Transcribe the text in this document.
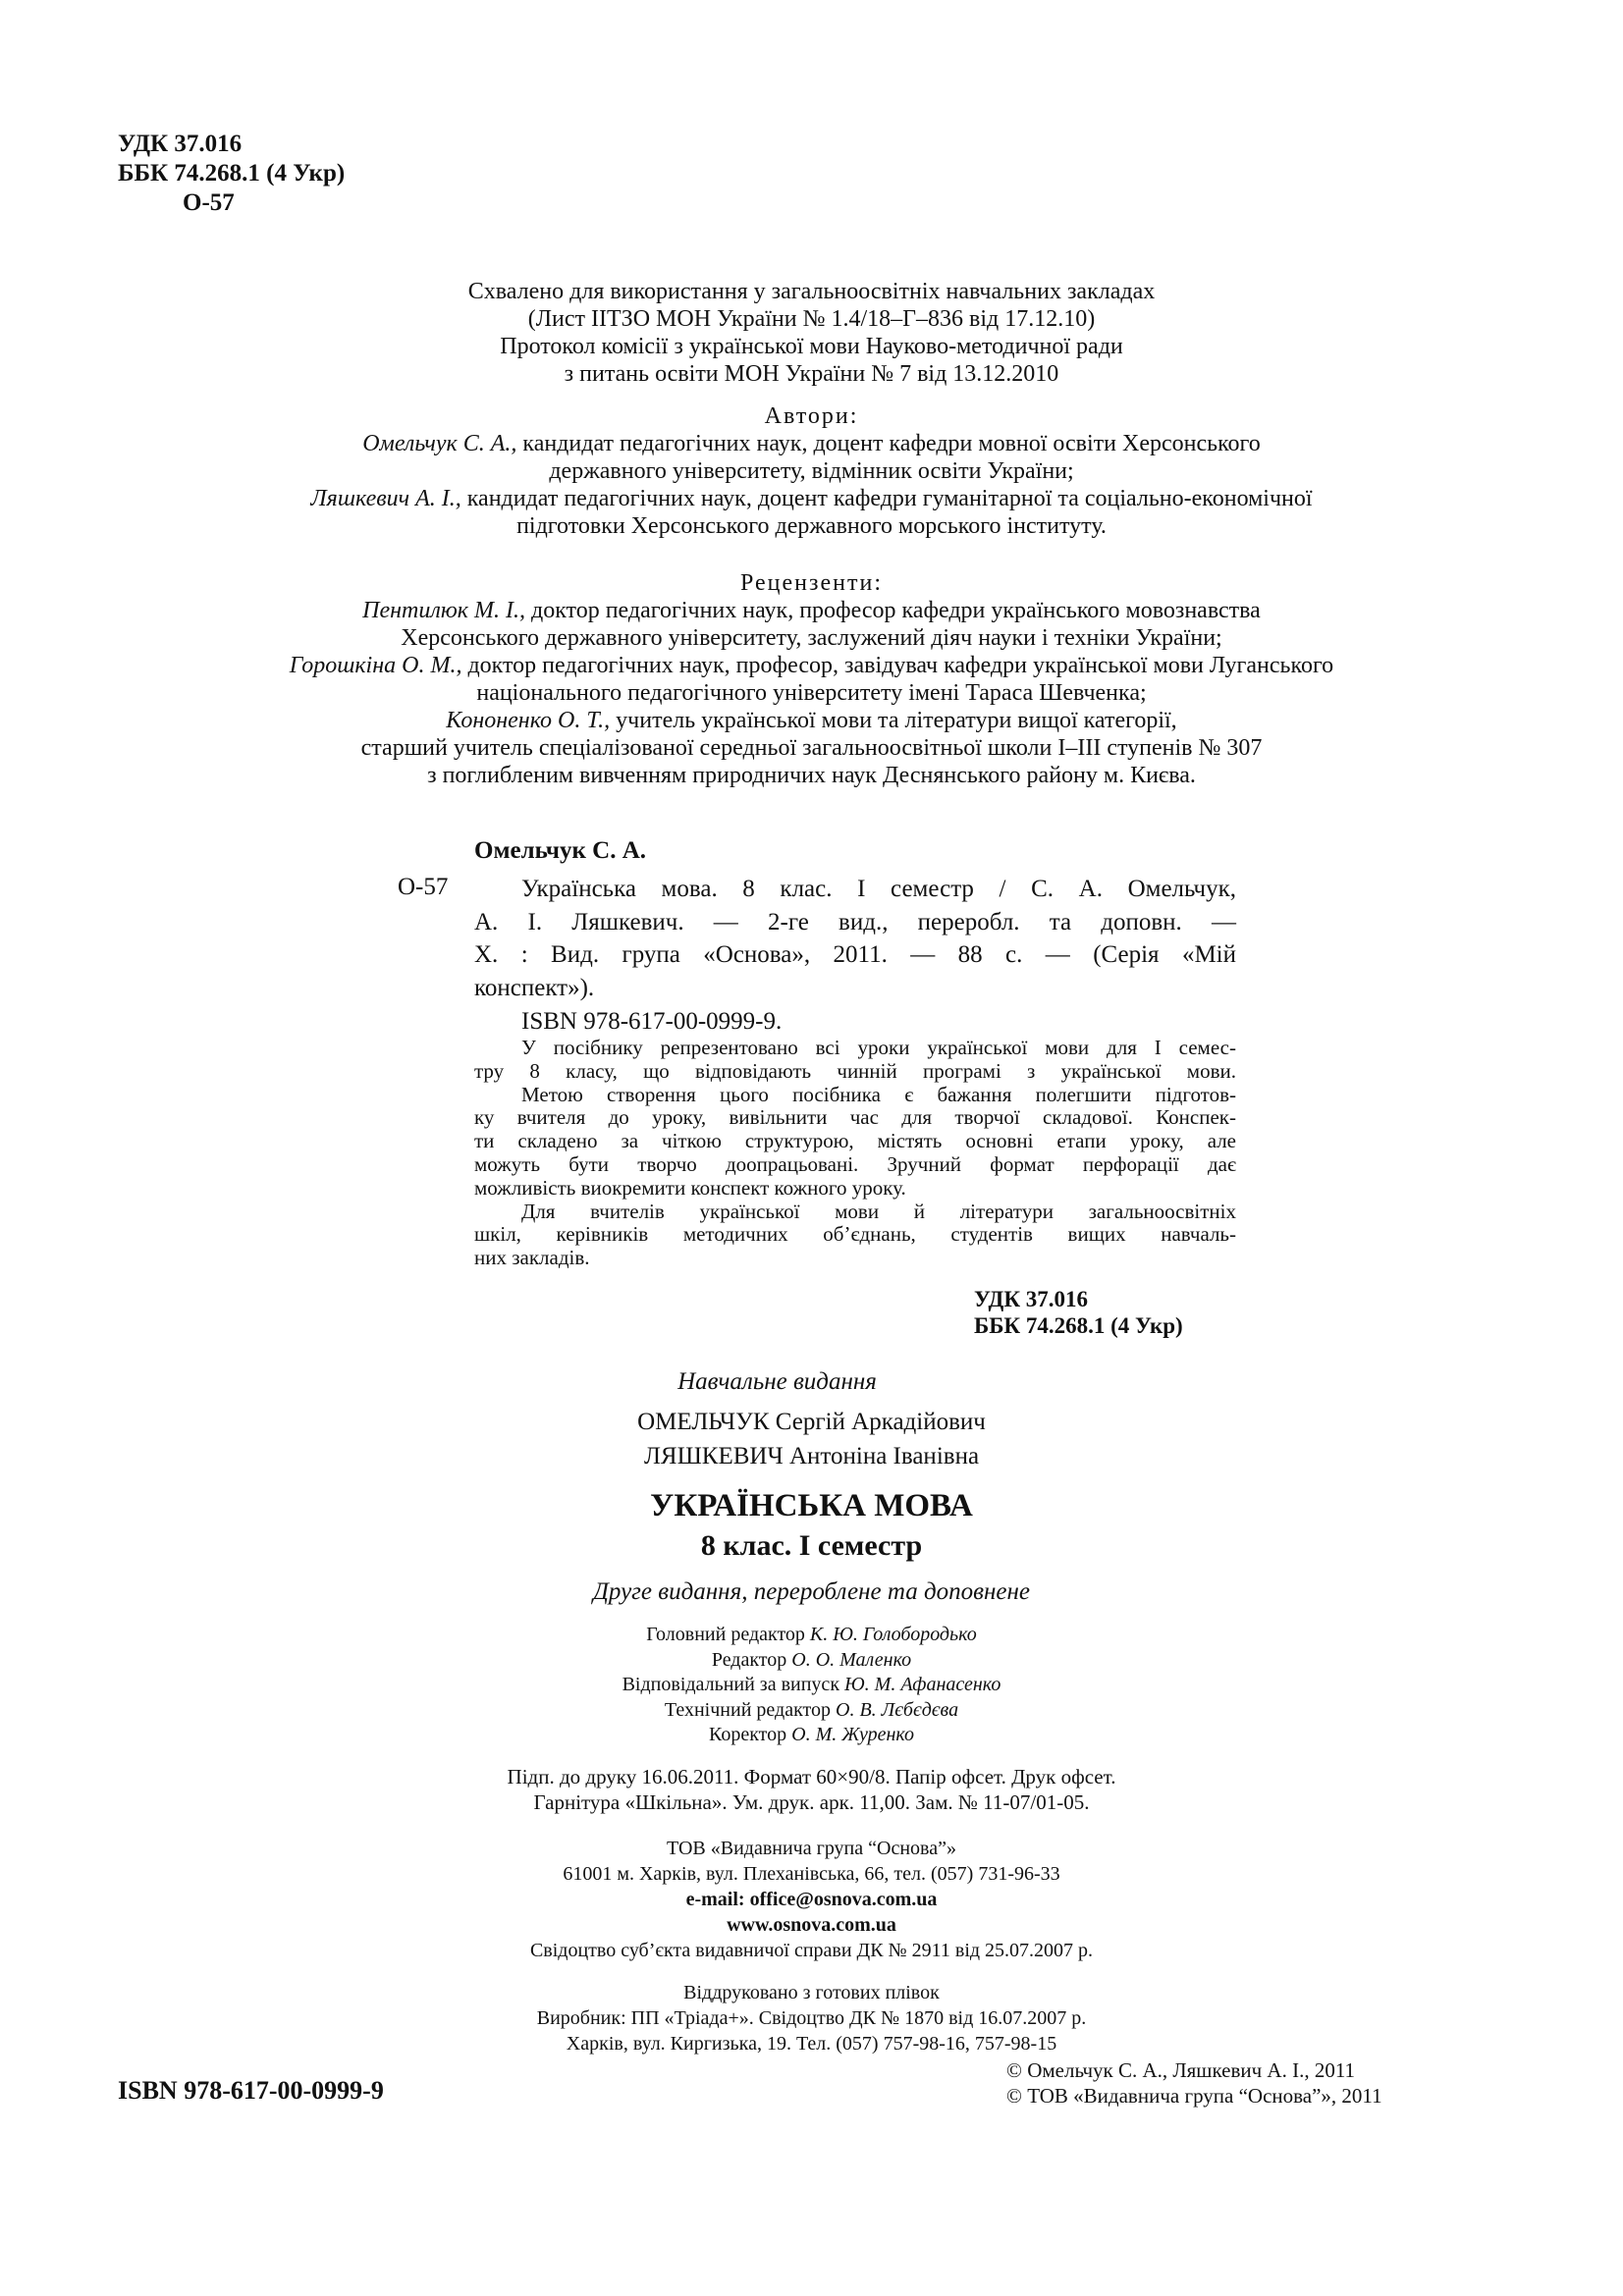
УДК 37.016
ББК 74.268.1 (4 Укр)
О-57
Схвалено для використання у загальноосвітніх навчальних закладах
(Лист ІІТЗО МОН України № 1.4/18–Г–836 від 17.12.10)
Протокол комісії з української мови Науково-методичної ради
з питань освіти МОН України № 7 від 13.12.2010
Автори:
Омельчук С. А., кандидат педагогічних наук, доцент кафедри мовної освіти Херсонського
державного університету, відмінник освіти України;
Ляшкевич А. І., кандидат педагогічних наук, доцент кафедри гуманітарної та соціально-економічної
підготовки Херсонського державного морського інституту.
Рецензенти:
Пентилюк М. І., доктор педагогічних наук, професор кафедри українського мовознавства
Херсонського державного університету, заслужений діяч науки і техніки України;
Горошкіна О. М., доктор педагогічних наук, професор, завідувач кафедри української мови Луганського
національного педагогічного університету імені Тараса Шевченка;
Кононенко О. Т., учитель української мови та літератури вищої категорії,
старший учитель спеціалізованої середньої загальноосвітньої школи І–ІІІ ступенів № 307
з поглибленим вивченням природничих наук Деснянського району м. Києва.
Омельчук С. А.
О-57	Українська мова. 8 клас. І семестр / С. А. Омельчук,
А. І. Ляшкевич. — 2-ге вид., переробл. та доповн. —
Х. : Вид. група «Основа», 2011. — 88 с. — (Серія «Мій
конспект»).
ISBN 978-617-00-0999-9.
У посібнику репрезентовано всі уроки української мови для І семес-
тру 8 класу, що відповідають чинній програмі з української мови.
Метою створення цього посібника є бажання полегшити підготов-
ку вчителя до уроку, вивільнити час для творчої складової. Конспек-
ти складено за чіткою структурою, містять основні етапи уроку, але
можуть бути творчо доопрацьовані. Зручний формат перфорації дає
можливість виокремити конспект кожного уроку.
Для вчителів української мови й літератури загальноосвітніх
шкіл, керівників методичних об’єднань, студентів вищих навчаль-
них закладів.
УДК 37.016
ББК 74.268.1 (4 Укр)
Навчальне видання
ОМЕЛЬЧУК Сергій Аркадійович
ЛЯШКЕВИЧ Антоніна Іванівна
УКРАЇНСЬКА МОВА
8 клас. І семестр
Друге видання, перероблене та доповнене
Головний редактор К. Ю. Голобородько
Редактор О. О. Маленко
Відповідальний за випуск Ю. М. Афанасенко
Технічний редактор О. В. Лєбєдєва
Коректор О. М. Журенко
Підп. до друку 16.06.2011. Формат 60×90/8. Папір офсет. Друк офсет.
Гарнітура «Шкільна». Ум. друк. арк. 11,00. Зам. № 11-07/01-05.
ТОВ «Видавнича група “Основа”»
61001 м. Харків, вул. Плеханівська, 66, тел. (057) 731-96-33
e-mail: office@osnova.com.ua
www.osnova.com.ua
Свідоцтво суб’єкта видавничої справи ДК № 2911 від 25.07.2007 р.
Віддруковано з готових плівок
Виробник: ПП «Тріада+». Свідоцтво ДК № 1870 від 16.07.2007 р.
Харків, вул. Киргизька, 19. Тел. (057) 757-98-16, 757-98-15
ISBN 978-617-00-0999-9
© Омельчук С. А., Ляшкевич А. І., 2011
© ТОВ «Видавнича група “Основа”», 2011
